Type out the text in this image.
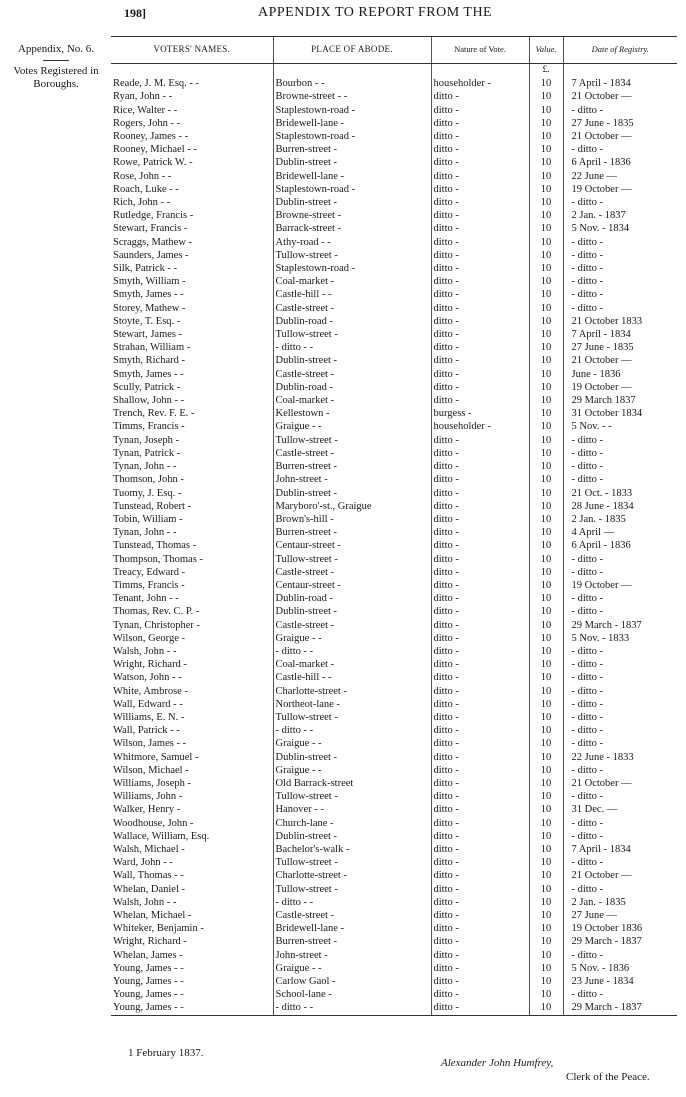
198]	APPENDIX TO REPORT FROM THE
Appendix, No. 6.
Votes Registered in Boroughs.
VOTERS' NAMES.	PLACE OF ABODE.	Nature of Vote.	Value.	Date of Registry.
			£.	
Reade, J. M. Esq. - -	Bourbon - -	householder -	10	7 April - 1834
Ryan, John - -	Browne-street - -	ditto -	10	21 October —
Rice, Walter - -	Staplestown-road -	ditto -	10	- ditto -
Rogers, John - -	Bridewell-lane -	ditto -	10	27 June - 1835
Rooney, James - -	Staplestown-road -	ditto -	10	21 October —
Rooney, Michael - -	Burren-street -	ditto -	10	- ditto -
Rowe, Patrick W. -	Dublin-street -	ditto -	10	6 April - 1836
Rose, John - -	Bridewell-lane -	ditto -	10	22 June —
Roach, Luke - -	Staplestown-road -	ditto -	10	19 October —
Rich, John - -	Dublin-street -	ditto -	10	- ditto -
Rutledge, Francis -	Browne-street -	ditto -	10	2 Jan. - 1837
Stewart, Francis -	Barrack-street -	ditto -	10	5 Nov. - 1834
Scraggs, Mathew -	Athy-road - -	ditto -	10	- ditto -
Saunders, James -	Tullow-street -	ditto -	10	- ditto -
Silk, Patrick - -	Staplestown-road -	ditto -	10	- ditto -
Smyth, William -	Coal-market -	ditto -	10	- ditto -
Smyth, James - -	Castle-hill - -	ditto -	10	- ditto -
Storey, Mathew -	Castle-street -	ditto -	10	- ditto -
Stoyte, T. Esq. -	Dublin-road -	ditto -	10	21 October 1833
Stewart, James -	Tullow-street -	ditto -	10	7 April - 1834
Strahan, William -	- ditto - -	ditto -	10	27 June - 1835
Smyth, Richard -	Dublin-street -	ditto -	10	21 October —
Smyth, James - -	Castle-street -	ditto -	10	June - 1836
Scully, Patrick -	Dublin-road -	ditto -	10	19 October —
Shallow, John - -	Coal-market -	ditto -	10	29 March 1837
Trench, Rev. F. E. -	Kellestown -	burgess -	10	31 October 1834
Timms, Francis -	Graigue - -	householder -	10	5 Nov. - -
Tynan, Joseph -	Tullow-street -	ditto -	10	- ditto -
Tynan, Patrick -	Castle-street -	ditto -	10	- ditto -
Tynan, John - -	Burren-street -	ditto -	10	- ditto -
Thomson, John -	John-street -	ditto -	10	- ditto -
Tuomy, J. Esq. -	Dublin-street -	ditto -	10	21 Oct. - 1833
Tunstead, Robert -	Maryboro'-st., Graigue	ditto -	10	28 June - 1834
Tobin, William -	Brown's-hill -	ditto -	10	2 Jan. - 1835
Tynan, John - -	Burren-street -	ditto -	10	4 April —
Tunstead, Thomas -	Centaur-street -	ditto -	10	6 April - 1836
Thompson, Thomas -	Tullow-street -	ditto -	10	- ditto -
Treacy, Edward -	Castle-street -	ditto -	10	- ditto -
Timms, Francis -	Centaur-street -	ditto -	10	19 October —
Tenant, John - -	Dublin-road -	ditto -	10	- ditto -
Thomas, Rev. C. P. -	Dublin-street -	ditto -	10	- ditto -
Tynan, Christopher -	Castle-street -	ditto -	10	29 March - 1837
Wilson, George -	Graigue - -	ditto -	10	5 Nov. - 1833
Walsh, John - -	- ditto - -	ditto -	10	- ditto -
Wright, Richard -	Coal-market -	ditto -	10	- ditto -
Watson, John - -	Castle-hill - -	ditto -	10	- ditto -
White, Ambrose -	Charlotte-street -	ditto -	10	- ditto -
Wall, Edward - -	Northeot-lane -	ditto -	10	- ditto -
Williams, E. N. -	Tullow-street -	ditto -	10	- ditto -
Wall, Patrick - -	- ditto - -	ditto -	10	- ditto -
Wilson, James - -	Graigue - -	ditto -	10	- ditto -
Whitmore, Samuel -	Dublin-street -	ditto -	10	22 June - 1833
Wilson, Michael -	Graigue - -	ditto -	10	- ditto -
Williams, Joseph -	Old Barrack-street	ditto -	10	21 October —
Williams, John -	Tullow-street -	ditto -	10	- ditto -
Walker, Henry -	Hanover - -	ditto -	10	31 Dec. —
Woodhouse, John -	Church-lane -	ditto -	10	- ditto -
Wallace, William, Esq.	Dublin-street -	ditto -	10	- ditto -
Walsh, Michael -	Bachelor's-walk -	ditto -	10	7 April - 1834
Ward, John - -	Tullow-street -	ditto -	10	- ditto -
Wall, Thomas - -	Charlotte-street -	ditto -	10	21 October —
Whelan, Daniel -	Tullow-street -	ditto -	10	- ditto -
Walsh, John - -	- ditto - -	ditto -	10	2 Jan. - 1835
Whelan, Michael -	Castle-street -	ditto -	10	27 June —
Whiteker, Benjamin -	Bridewell-lane -	ditto -	10	19 October 1836
Wright, Richard -	Burren-street -	ditto -	10	29 March - 1837
Whelan, James -	John-street -	ditto -	10	- ditto -
Young, James - -	Graigue - -	ditto -	10	5 Nov. - 1836
Young, James - -	Carlow Gaol -	ditto -	10	23 June - 1834
Young, James - -	School-lane -	ditto -	10	- ditto -
Young, James - -	- ditto - -	ditto -	10	29 March - 1837
1 February 1837.
Alexander John Humfrey,
Clerk of the Peace.
